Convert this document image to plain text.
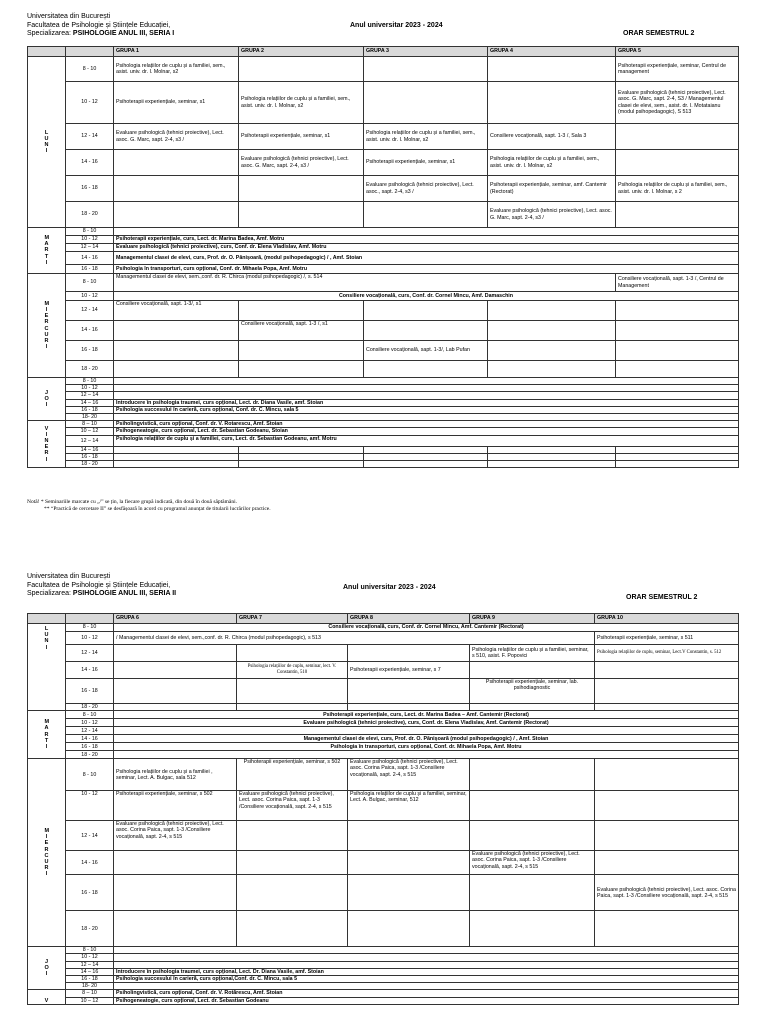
Universitatea din București
Facultatea de Psihologie și Științele Educației,
Specializarea: PSIHOLOGIE ANUL III, SERIA I
Anul universitar 2023 - 2024
ORAR SEMESTRUL 2
		GRUPA 1	GRUPA 2	GRUPA 3	GRUPA 4	GRUPA 5
L U N I	8 - 10	Psihologia relațiilor de cuplu și a familiei, sem., asist. univ. dr. I. Molnar, s2				Psihoterapii experiențiale, seminar, Centrul de management
	10 - 12	Psihoterapii experiențiale, seminar, s1	Psihologia relațiilor de cuplu și a familiei, sem., asist. univ. dr. I. Molnar, s2			Evaluare psihologică (tehnici proiective), Lect. asoc. G. Marc, sapt. 2-4, S3 / Managementul clasei de elevi, sem., asist. dr. I. Motataianu (modul psihopedagogic), S 513
	12 - 14	Evaluare psihologică (tehnici proiective), Lect. asoc. G. Marc, sapt. 2-4, s3 /	Psihoterapii experiențiale, seminar, s1	Psihologia relațiilor de cuplu și a familiei, sem., asist. univ. dr. I. Molnar, s2	Consiliere vocațională, sapt. 1-3 /, Sala 3	
	14 - 16		Evaluare psihologică (tehnici proiective), Lect. asoc. G. Marc, sapt. 2-4, s3 /	Psihoterapii experiențiale, seminar, s1	Psihologia relațiilor de cuplu și a familiei, sem., asist. univ. dr. I. Molnar, s2	
	16 - 18			Evaluare psihologică (tehnici proiective), Lect. asoc., sapt. 2-4, s3 /	Psihoterapii experiențiale, seminar, amf. Cantemir (Rectorat)	Psihologia relațiilor de cuplu și a familiei, sem., asist. univ. dr. I. Molnar, s 2
	18 - 20				Evaluare psihologică (tehnici proiective), Lect. asoc. G. Marc, sapt. 2-4, s3 /	
M A R T I	8 - 10					
	10 - 12	Psihoterapii experiențiale, curs, Lect. dr. Marina Badea, Amf. Motru				
	12 – 14	Evaluare psihologică (tehnici proiective), curs, Conf. dr. Elena Vladislav, Amf. Motru				
	14 - 16	Managementul clasei de elevi, curs, Prof. dr. O. Pânișoară, (modul psihopedagogic) / , Amf. Stoian				
	16 - 18	Psihologia în transporturi, curs opțional, Conf. dr. Mihaela Popa, Amf. Motru				
M I E R C U R I	8 - 10	Managementul clasei de elevi, sem.,conf. dr. R. Chirca (modul psihopedagogic) /, s. 514				Consiliere vocațională, sapt. 1-3 /, Centrul de Management
	10 - 12	Consiliere vocațională, curs, Conf. dr. Cornel Mincu, Amf. Damaschin				
	12 - 14	Consiliere vocațională, sapt. 1-3/, s1				
	14 - 16		Consiliere vocațională, sapt. 1-3 /, s1			
	16 - 18			Consiliere vocațională, sapt. 1-3/, Lab Pufan		
	18 - 20					
J O I	8 - 10					
	10 - 12					
	12 – 14					
	14 – 16	Introducere în psihologia traumei, curs opțional, Lect. dr. Diana Vasile, amf. Stoian				
	16 - 18	Psihologia succesului în carieră, curs opțional, Conf. dr. C. Mincu, sala 5				
	18- 20					
V I N E R I	8 – 10	Psiholingvistică, curs opțional, Conf. dr. V. Rotarescu, Amf. Stoian				
	10 – 12	Psihogeneatogie, curs opțional, Lect. dr. Sebastian Godeanu, Stoian				
	12 – 14	Psihologia relațiilor de cuplu și a familiei, curs, Lect. dr. Sebastian Godeanu, amf. Motru				
	14 – 16					
	16 - 18					
	18 - 20					
Notă! * Seminariile marcate cu „/” se țin, la fiecare grupă indicată, din două în două săptămâni.
** “Practică de cercetare II” se desfășoară în acord cu programul anunțat de titularii lucrărilor practice.
Universitatea din București
Facultatea de Psihologie și Științele Educației,
Specializarea: PSIHOLOGIE ANUL III, SERIA II
Anul universitar 2023 - 2024
ORAR SEMESTRUL 2
		GRUPA 6	GRUPA 7	GRUPA 8	GRUPA 9	GRUPA 10
L U N I	8 - 10	Consiliere vocațională, curs, Conf. dr. Cornel Mincu, Amf. Cantemir (Rectorat)				
	10 - 12	/ Managementul clasei de elevi, sem.,conf. dr. R. Chirca (modul psihopedagogic), s 513				Psihoterapii experiențiale, seminar, s 511
	12 - 14				Psihologia relațiilor de cuplu și a familiei, seminar, s 510, asist. F. Popovici	Psihologia relațiilor de cuplu, seminar, Lect.V Constantin, s. 512
	14 - 16		Psihologia relațiilor de cuplu, seminar, lect. V. Constantin, 510	Psihoterapii experiențiale, seminar, s 7		
	16 - 18				Psihoterapii experiențiale, seminar, lab. psihodiagnostic	
	18 - 20					
M A R T I	8 - 10	Psihoterapii experiențiale, curs, Lect. dr. Marina Badea – Amf. Cantemir (Rectorat)				
	10 - 12	Evaluare psihologică (tehnici proiective), curs, Conf. dr. Elena Vladislav, Amf. Cantemir (Rectorat)				
	12 - 14					
	14 - 16	Managementul clasei de elevi, curs, Prof. dr. O. Pânișoară (modul psihopedagogic) / , Amf. Stoian				
	16 - 18	Psihologia în transporturi, curs opțional, Conf. dr. Mihaela Popa, Amf. Motru				
	18 - 20					
M I E R C U R I	8 - 10	Psihologia relațiilor de cuplu și a familiei , seminar, Lect. A. Bulgac, sala 512	Psihoterapii experiențiale, seminar, s 502	Evaluare psihologică (tehnici proiective), Lect. asoc. Corina Paica, sapt. 1-3 /Consiliere vocațională, sapt. 2-4, s 515		
	10 - 12	Psihoterapii experiențiale, seminar, s 502	Evaluare psihologică (tehnici proiective), Lect. asoc. Corina Paica, sapt. 1-3 /Consiliere vocațională, sapt. 2-4, s 515	Psihologia relațiilor de cuplu și a familiei, seminar, Lect. A. Bulgac, seminar, 512		
	12 - 14	Evaluare psihologică (tehnici proiective), Lect. asoc. Corina Paica, sapt. 1-3 /Consiliere vocațională, sapt. 2-4, s 515				
	14 - 16				Evaluare psihologică (tehnici proiective), Lect. asoc. Corina Paica, sapt. 1-3 /Consiliere vocațională, sapt. 2-4, s 515	
	16 - 18					Evaluare psihologică (tehnici proiective), Lect. asoc. Corina Paica, sapt. 1-3 /Consiliere vocațională, sapt. 2-4, s 515
	18 - 20					
J O I	8 - 10					
	10 - 12					
	12 – 14					
	14 – 16	Introducere în psihologia traumei, curs opțional, Lect. Dr. Diana Vasile, amf. Stoian				
	16 - 18	Psihologia succesului în carieră, curs opțional,Conf. dr. C. Mincu, sala 5				
	18- 20					
V	8 – 10	Psiholingvistică, curs opțional, Conf. dr. V. Rotărescu, Amf. Stoian				
	10 – 12	Psihogeneatogie, curs opțional, Lect. dr. Sebastian Godeanu				
